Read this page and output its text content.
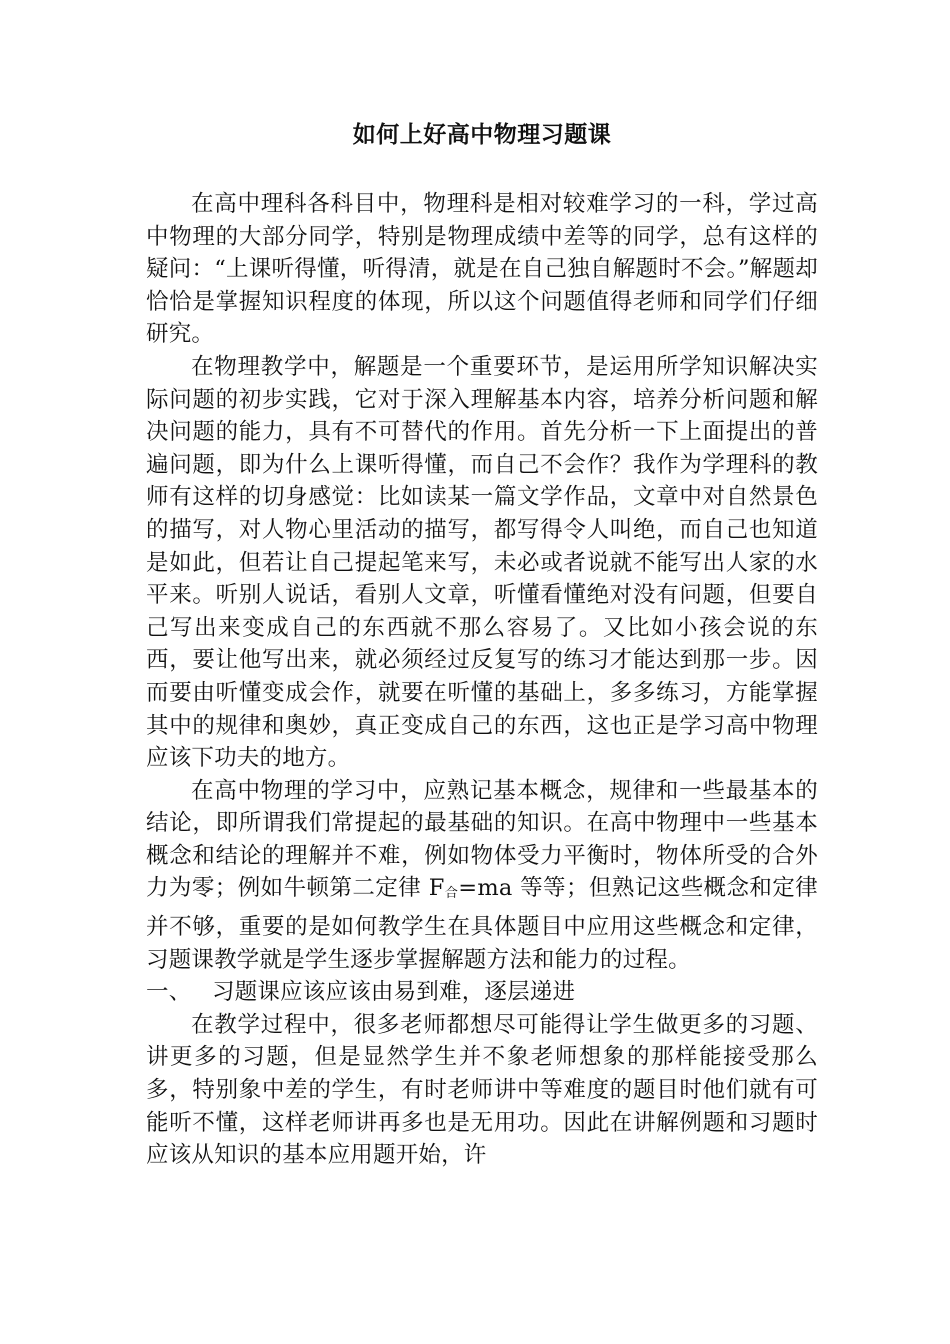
如何上好高中物理习题课

在高中理科各科目中，物理科是相对较难学习的一科，学过高中物理的大部分同学，特别是物理成绩中差等的同学，总有这样的疑问：“上课听得懂，听得清，就是在自己独自解题时不会。”解题却恰恰是掌握知识程度的体现，所以这个问题值得老师和同学们仔细研究。

在物理教学中，解题是一个重要环节，是运用所学知识解决实际问题的初步实践，它对于深入理解基本内容，培养分析问题和解决问题的能力，具有不可替代的作用。首先分析一下上面提出的普遍问题，即为什么上课听得懂，而自己不会作？我作为学理科的教师有这样的切身感觉：比如读某一篇文学作品，文章中对自然景色的描写，对人物心里活动的描写，都写得令人叫绝，而自己也知道是如此，但若让自己提起笔来写，未必或者说就不能写出人家的水平来。听别人说话，看别人文章，听懂看懂绝对没有问题，但要自己写出来变成自己的东西就不那么容易了。又比如小孩会说的东西，要让他写出来，就必须经过反复写的练习才能达到那一步。因而要由听懂变成会作，就要在听懂的基础上，多多练习，方能掌握其中的规律和奥妙，真正变成自己的东西，这也正是学习高中物理应该下功夫的地方。

在高中物理的学习中，应熟记基本概念，规律和一些最基本的结论，即所谓我们常提起的最基础的知识。在高中物理中一些基本概念和结论的理解并不难，例如物体受力平衡时，物体所受的合外力为零；例如牛顿第二定律 $F_合=ma$ 等等；但熟记这些概念和定律并不够，重要的是如何教学生在具体题目中应用这些概念和定律，习题课教学就是学生逐步掌握解题方法和能力的过程。

一、 习题课应该应该由易到难，逐层递进

在教学过程中，很多老师都想尽可能得让学生做更多的习题、讲更多的习题，但是显然学生并不象老师想象的那样能接受那么多，特别象中差的学生，有时老师讲中等难度的题目时他们就有可能听不懂，这样老师讲再多也是无用功。因此在讲解例题和习题时应该从知识的基本应用题开始，许
